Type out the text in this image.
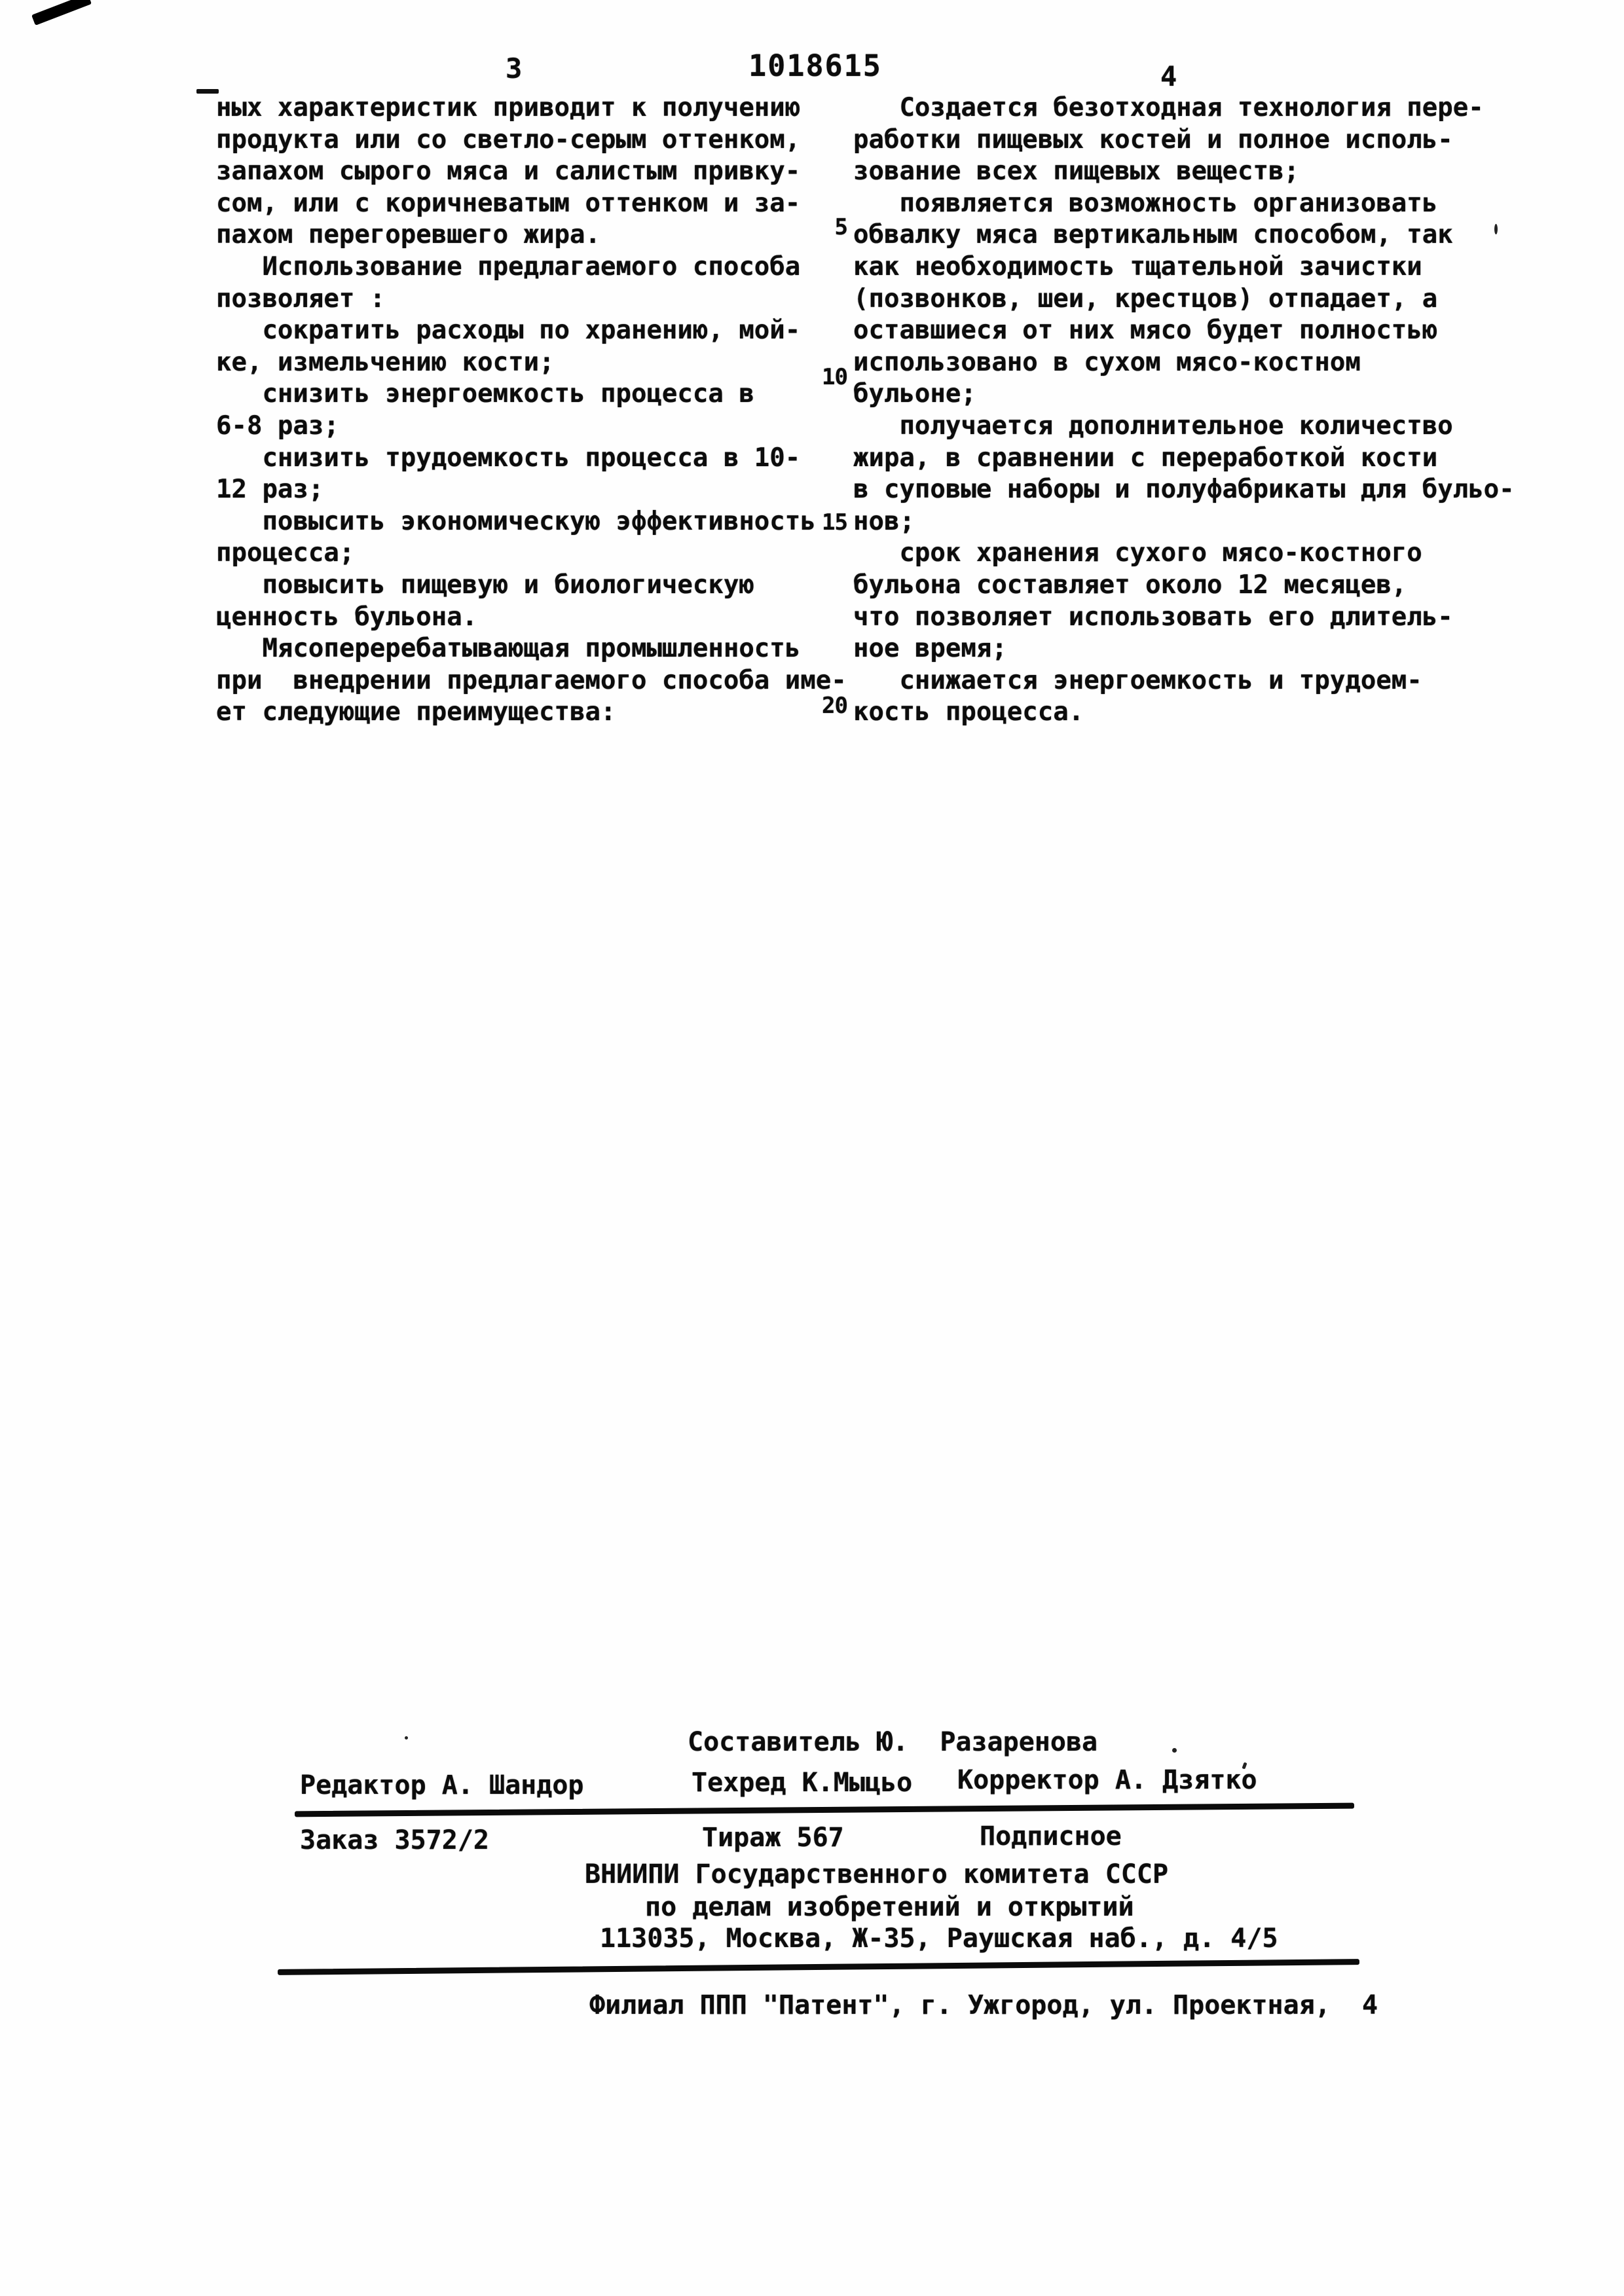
3	1018615	4
ных характеристик приводит к получению
продукта или со светло-серым оттенком,
запахом сырого мяса и салистым привку-
сом, или с коричневатым оттенком и за-
пахом перегоревшего жира.
Использование предлагаемого способа
позволяет :
сократить расходы по хранению, мой-
ке, измельчению кости;
снизить энергоемкость процесса в
6-8 раз;
снизить трудоемкость процесса в 10-
12 раз;
повысить экономическую эффективность
процесса;
повысить пищевую и биологическую
ценность бульона.
Мясопереребатывающая промышленность
при  внедрении предлагаемого способа име-
ет следующие преимущества:
Создается безотходная технология пере-
работки пищевых костей и полное исполь-
зование всех пищевых веществ;
появляется возможность организовать
обвалку мяса вертикальным способом, так
как необходимость тщательной зачистки
(позвонков, шеи, крестцов) отпадает, а
оставшиеся от них мясо будет полностью
использовано в сухом мясо-костном
бульоне;
получается дополнительное количество
жира, в сравнении с переработкой кости
в суповые наборы и полуфабрикаты для бульо-
нов;
срок хранения сухого мясо-костного
бульона составляет около 12 месяцев,
что позволяет использовать его длитель-
ное время;
снижается энергоемкость и трудоем-
кость процесса.
5
10
15
20
Составитель Ю.  Разаренова
Редактор А. Шандор	Техред К.Мыцьо Корректор А. Дзятко
Заказ 3572/2	Тираж 567	Подписное
ВНИИПИ Государственного комитета СССР
по делам изобретений и открытий
113035, Москва, Ж-35, Раушская наб., д. 4/5
Филиал ППП "Патент", г. Ужгород, ул. Проектная,  4
